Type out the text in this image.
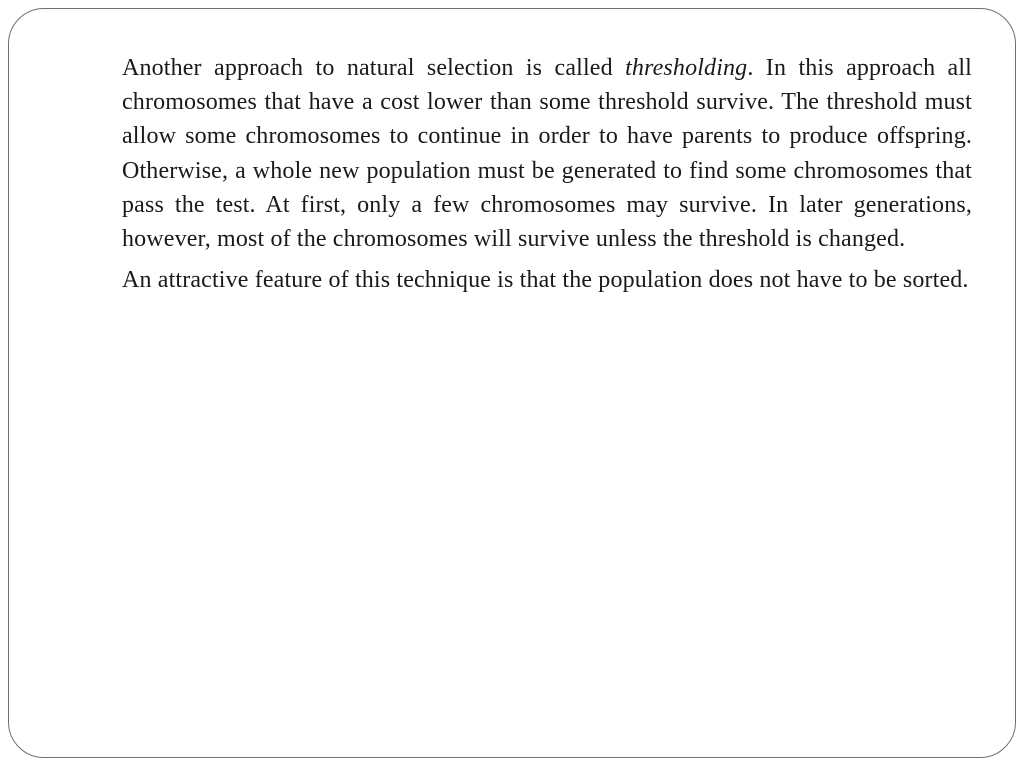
Another approach to natural selection is called thresholding. In this approach all chromosomes that have a cost lower than some threshold survive. The threshold must allow some chromosomes to continue in order to have parents to produce offspring. Otherwise, a whole new population must be generated to find some chromosomes that pass the test. At first, only a few chromosomes may survive. In later generations, however, most of the chromosomes will survive unless the threshold is changed.

An attractive feature of this technique is that the population does not have to be sorted.
